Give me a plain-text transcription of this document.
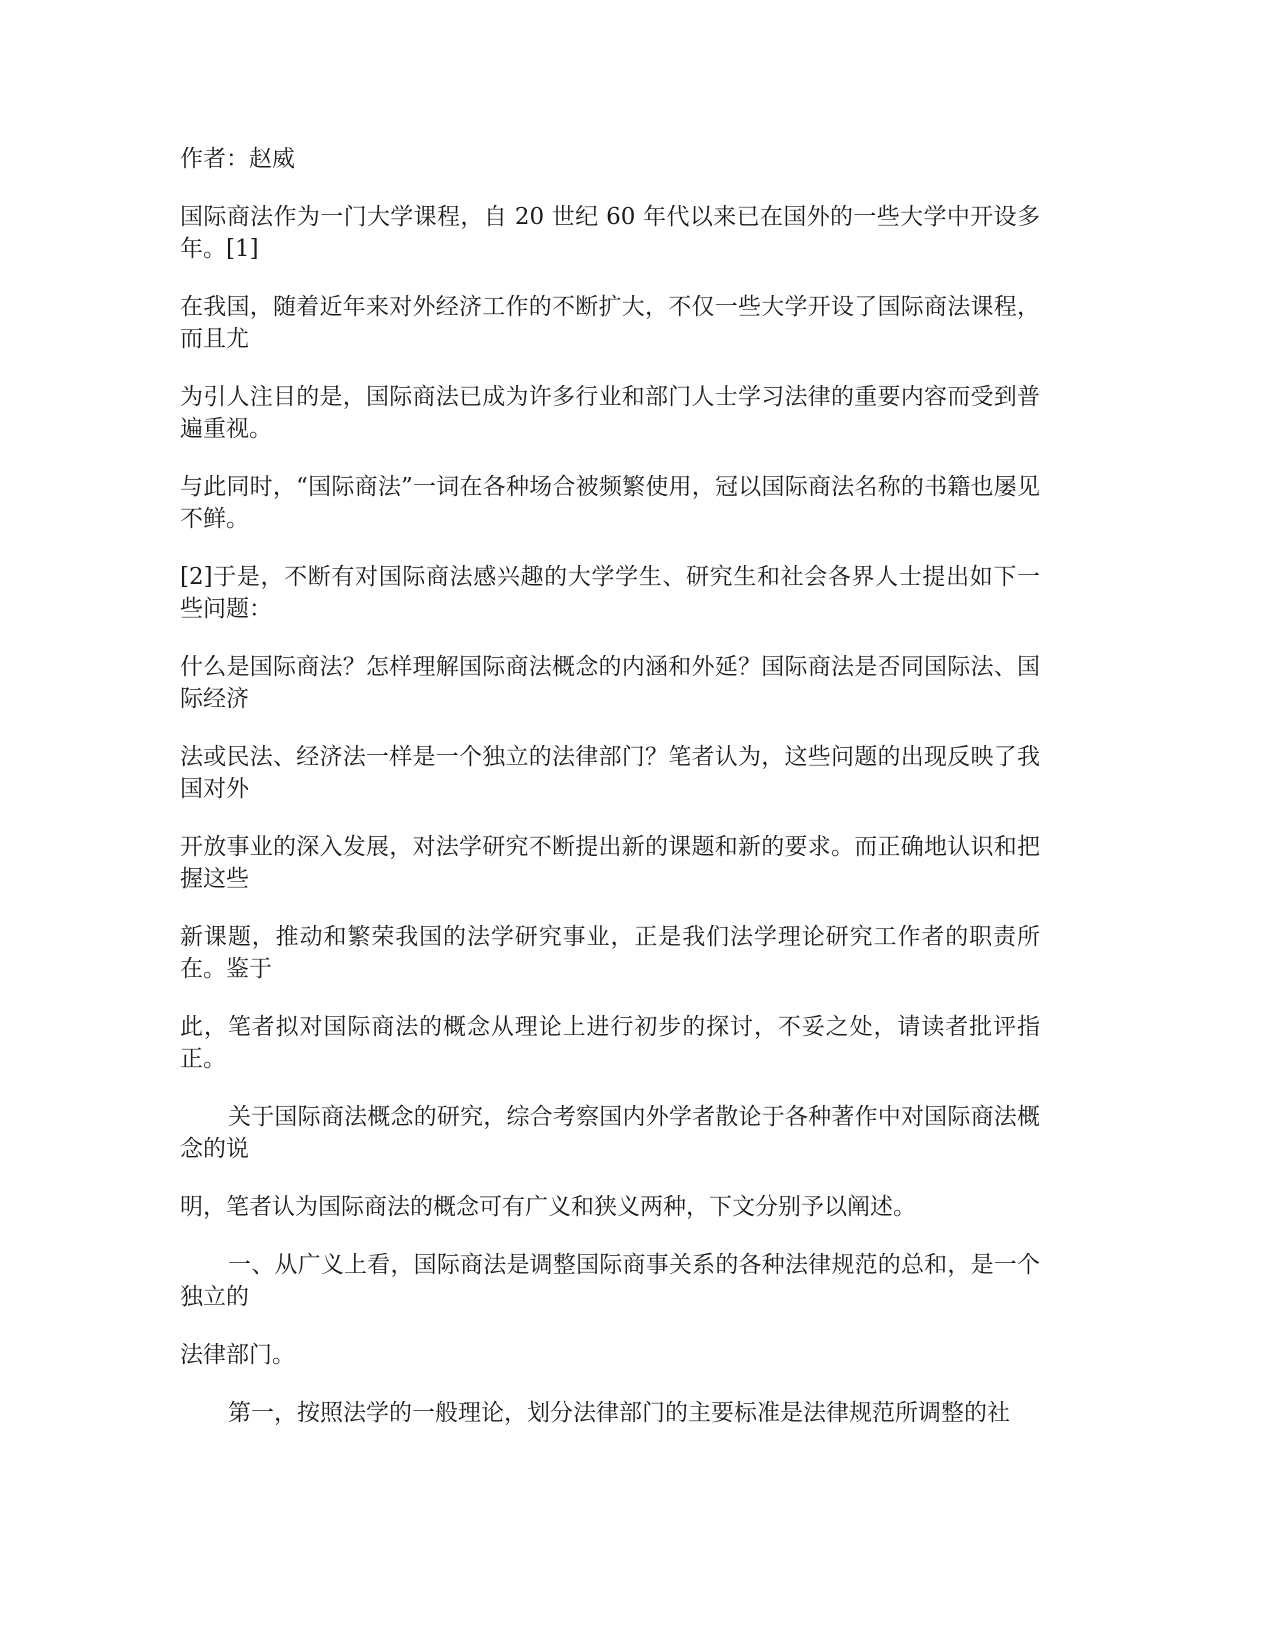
作者：赵威

国际商法作为一门大学课程，自 20 世纪 60 年代以来已在国外的一些大学中开设多年。[1]

在我国，随着近年来对外经济工作的不断扩大，不仅一些大学开设了国际商法课程，而且尤

为引人注目的是，国际商法已成为许多行业和部门人士学习法律的重要内容而受到普遍重视。

与此同时，“国际商法”一词在各种场合被频繁使用，冠以国际商法名称的书籍也屡见不鲜。

[2]于是，不断有对国际商法感兴趣的大学学生、研究生和社会各界人士提出如下一些问题：

什么是国际商法？怎样理解国际商法概念的内涵和外延？国际商法是否同国际法、国际经济

法或民法、经济法一样是一个独立的法律部门？笔者认为，这些问题的出现反映了我国对外

开放事业的深入发展，对法学研究不断提出新的课题和新的要求。而正确地认识和把握这些

新课题，推动和繁荣我国的法学研究事业，正是我们法学理论研究工作者的职责所在。鉴于

此，笔者拟对国际商法的概念从理论上进行初步的探讨，不妥之处，请读者批评指正。

关于国际商法概念的研究，综合考察国内外学者散论于各种著作中对国际商法概念的说

明，笔者认为国际商法的概念可有广义和狭义两种，下文分别予以阐述。

一、从广义上看，国际商法是调整国际商事关系的各种法律规范的总和，是一个独立的

法律部门。

第一，按照法学的一般理论，划分法律部门的主要标准是法律规范所调整的社
